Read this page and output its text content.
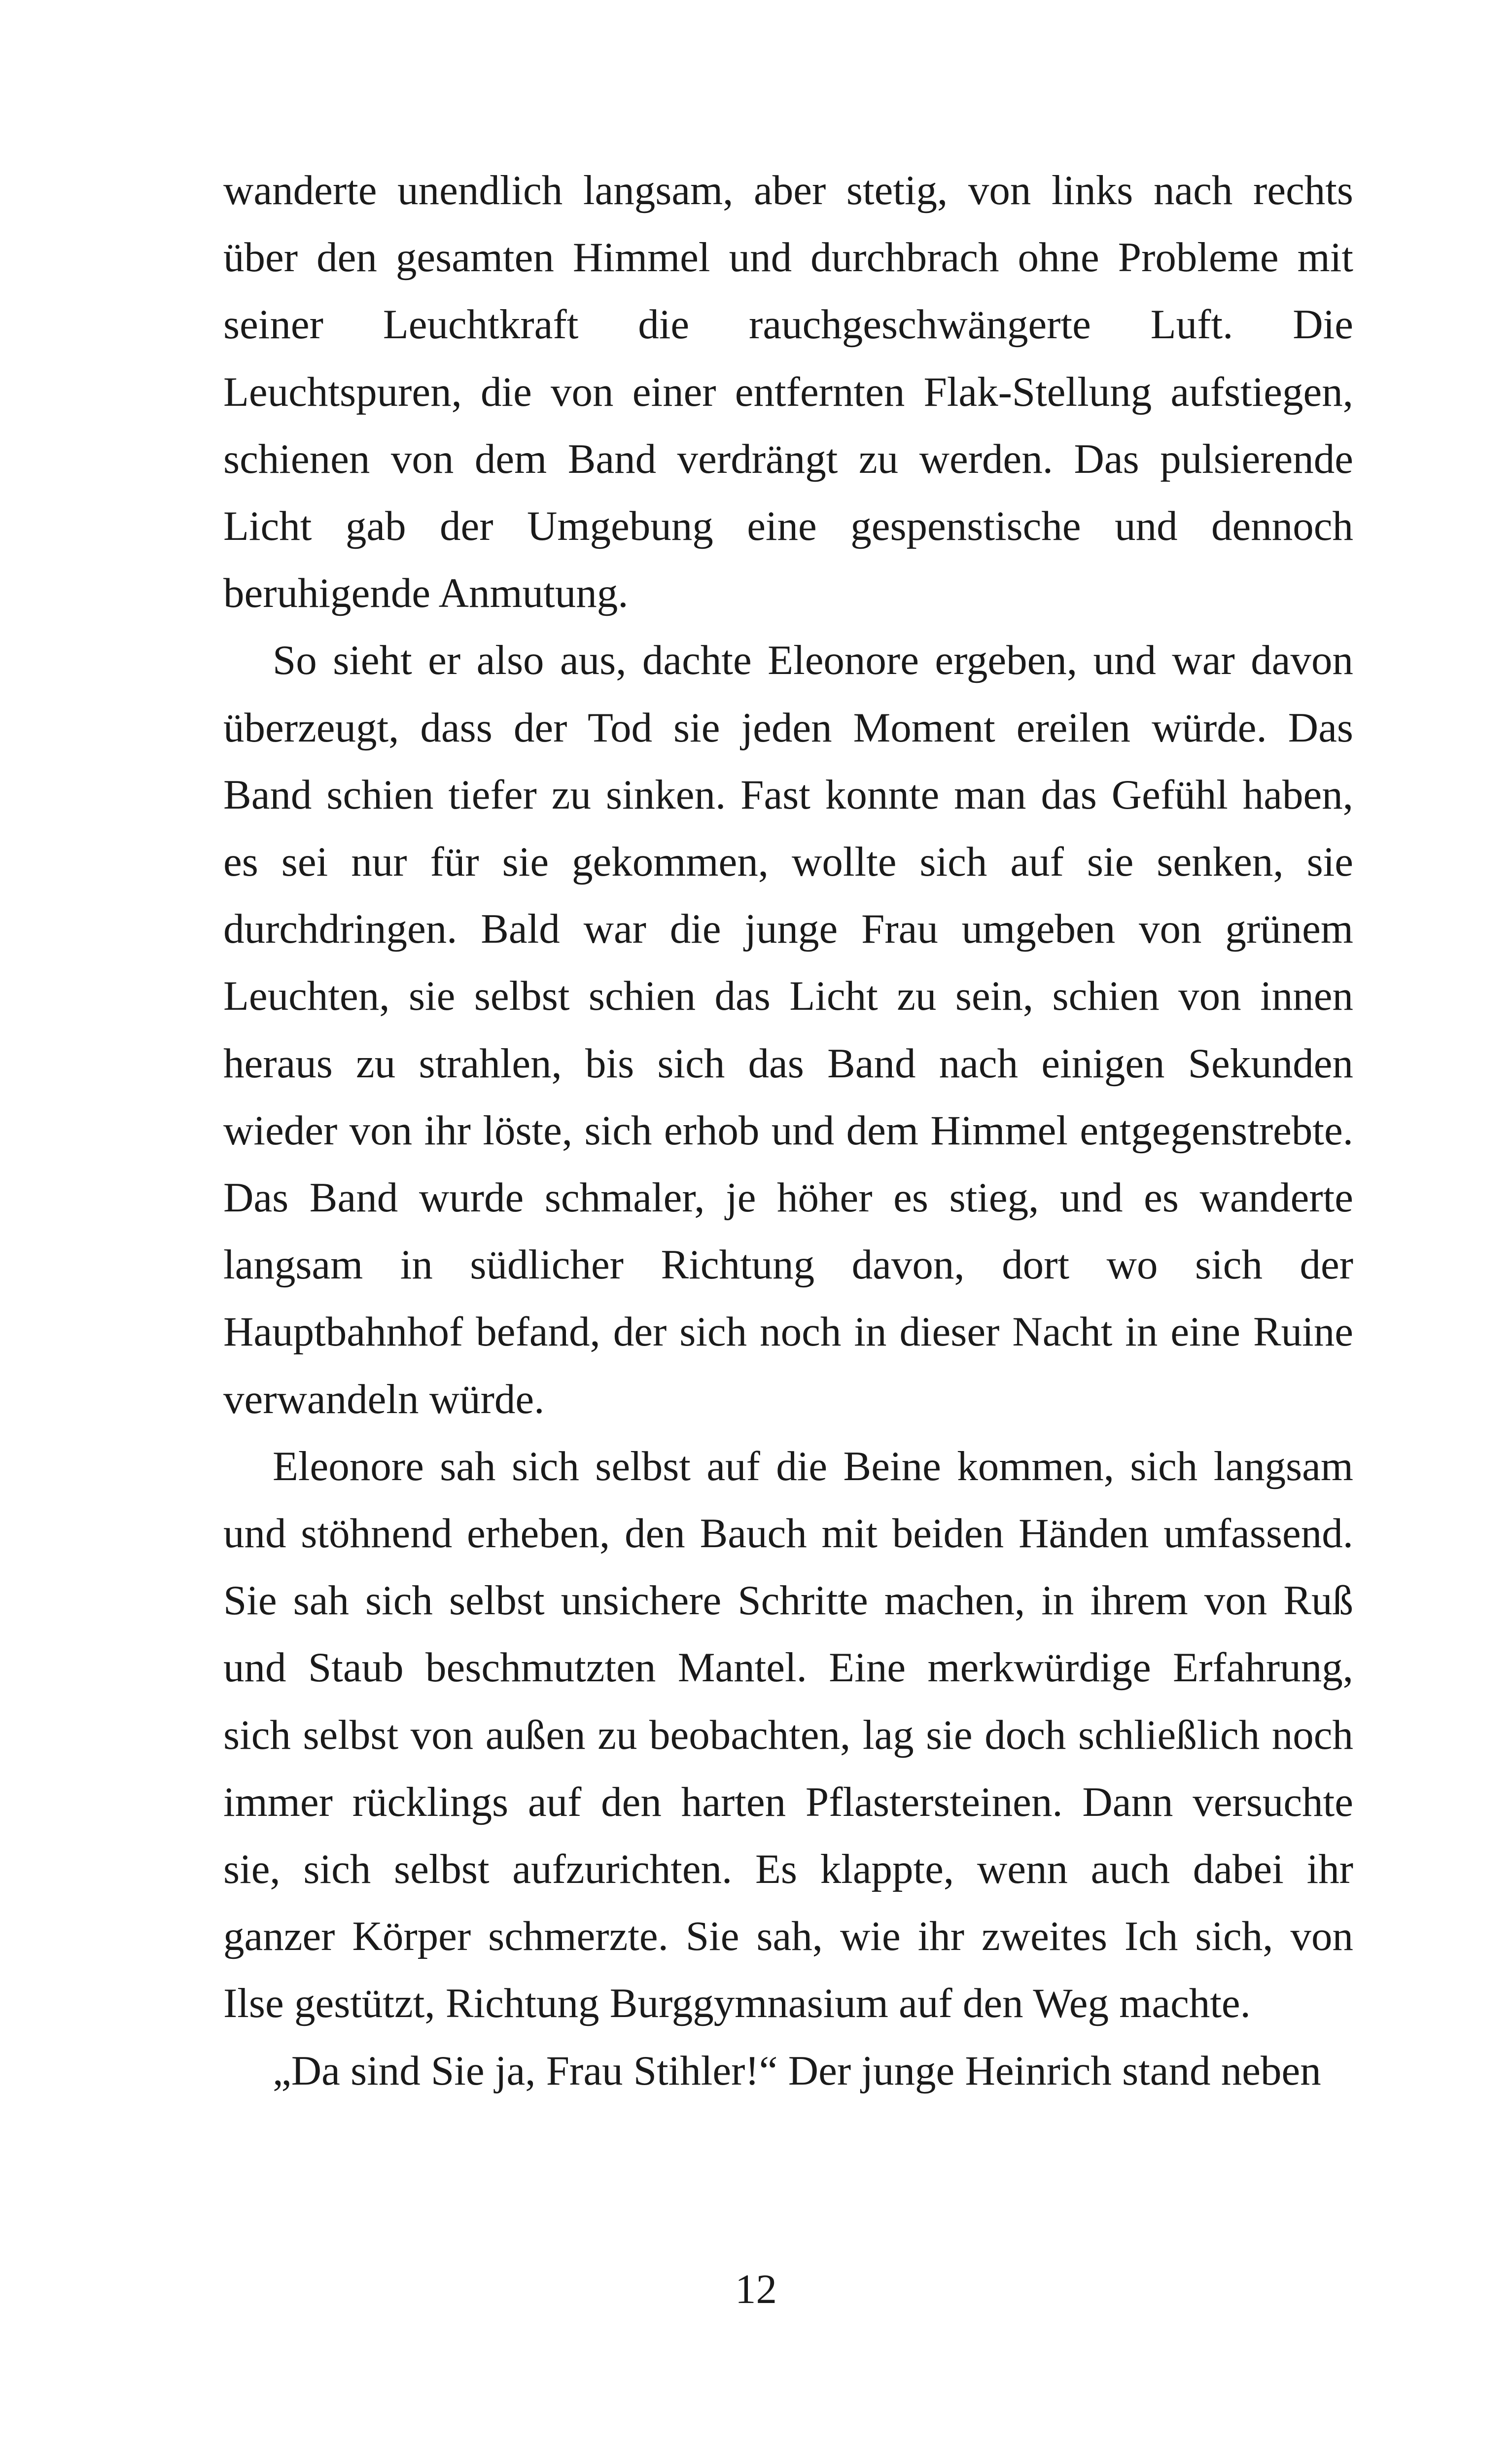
wanderte unendlich langsam, aber stetig, von links nach rechts über den gesamten Himmel und durchbrach ohne Probleme mit seiner Leuchtkraft die rauchgeschwängerte Luft. Die Leuchtspuren, die von einer entfernten Flak-Stellung aufstiegen, schienen von dem Band verdrängt zu werden. Das pulsierende Licht gab der Umgebung eine gespenstische und dennoch beruhigende Anmutung.

So sieht er also aus, dachte Eleonore ergeben, und war davon überzeugt, dass der Tod sie jeden Moment ereilen würde. Das Band schien tiefer zu sinken. Fast konnte man das Gefühl haben, es sei nur für sie gekommen, wollte sich auf sie senken, sie durchdringen. Bald war die junge Frau umgeben von grünem Leuchten, sie selbst schien das Licht zu sein, schien von innen heraus zu strahlen, bis sich das Band nach einigen Sekunden wieder von ihr löste, sich erhob und dem Himmel entgegenstrebte. Das Band wurde schmaler, je höher es stieg, und es wanderte langsam in südlicher Richtung davon, dort wo sich der Hauptbahnhof befand, der sich noch in dieser Nacht in eine Ruine verwandeln würde.

Eleonore sah sich selbst auf die Beine kommen, sich langsam und stöhnend erheben, den Bauch mit beiden Händen umfassend. Sie sah sich selbst unsichere Schritte machen, in ihrem von Ruß und Staub beschmutzten Mantel. Eine merkwürdige Erfahrung, sich selbst von außen zu beobachten, lag sie doch schließlich noch immer rücklings auf den harten Pflastersteinen. Dann versuchte sie, sich selbst aufzurichten. Es klappte, wenn auch dabei ihr ganzer Körper schmerzte. Sie sah, wie ihr zweites Ich sich, von Ilse gestützt, Richtung Burggymnasium auf den Weg machte.

„Da sind Sie ja, Frau Stihler!“ Der junge Heinrich stand neben

12
